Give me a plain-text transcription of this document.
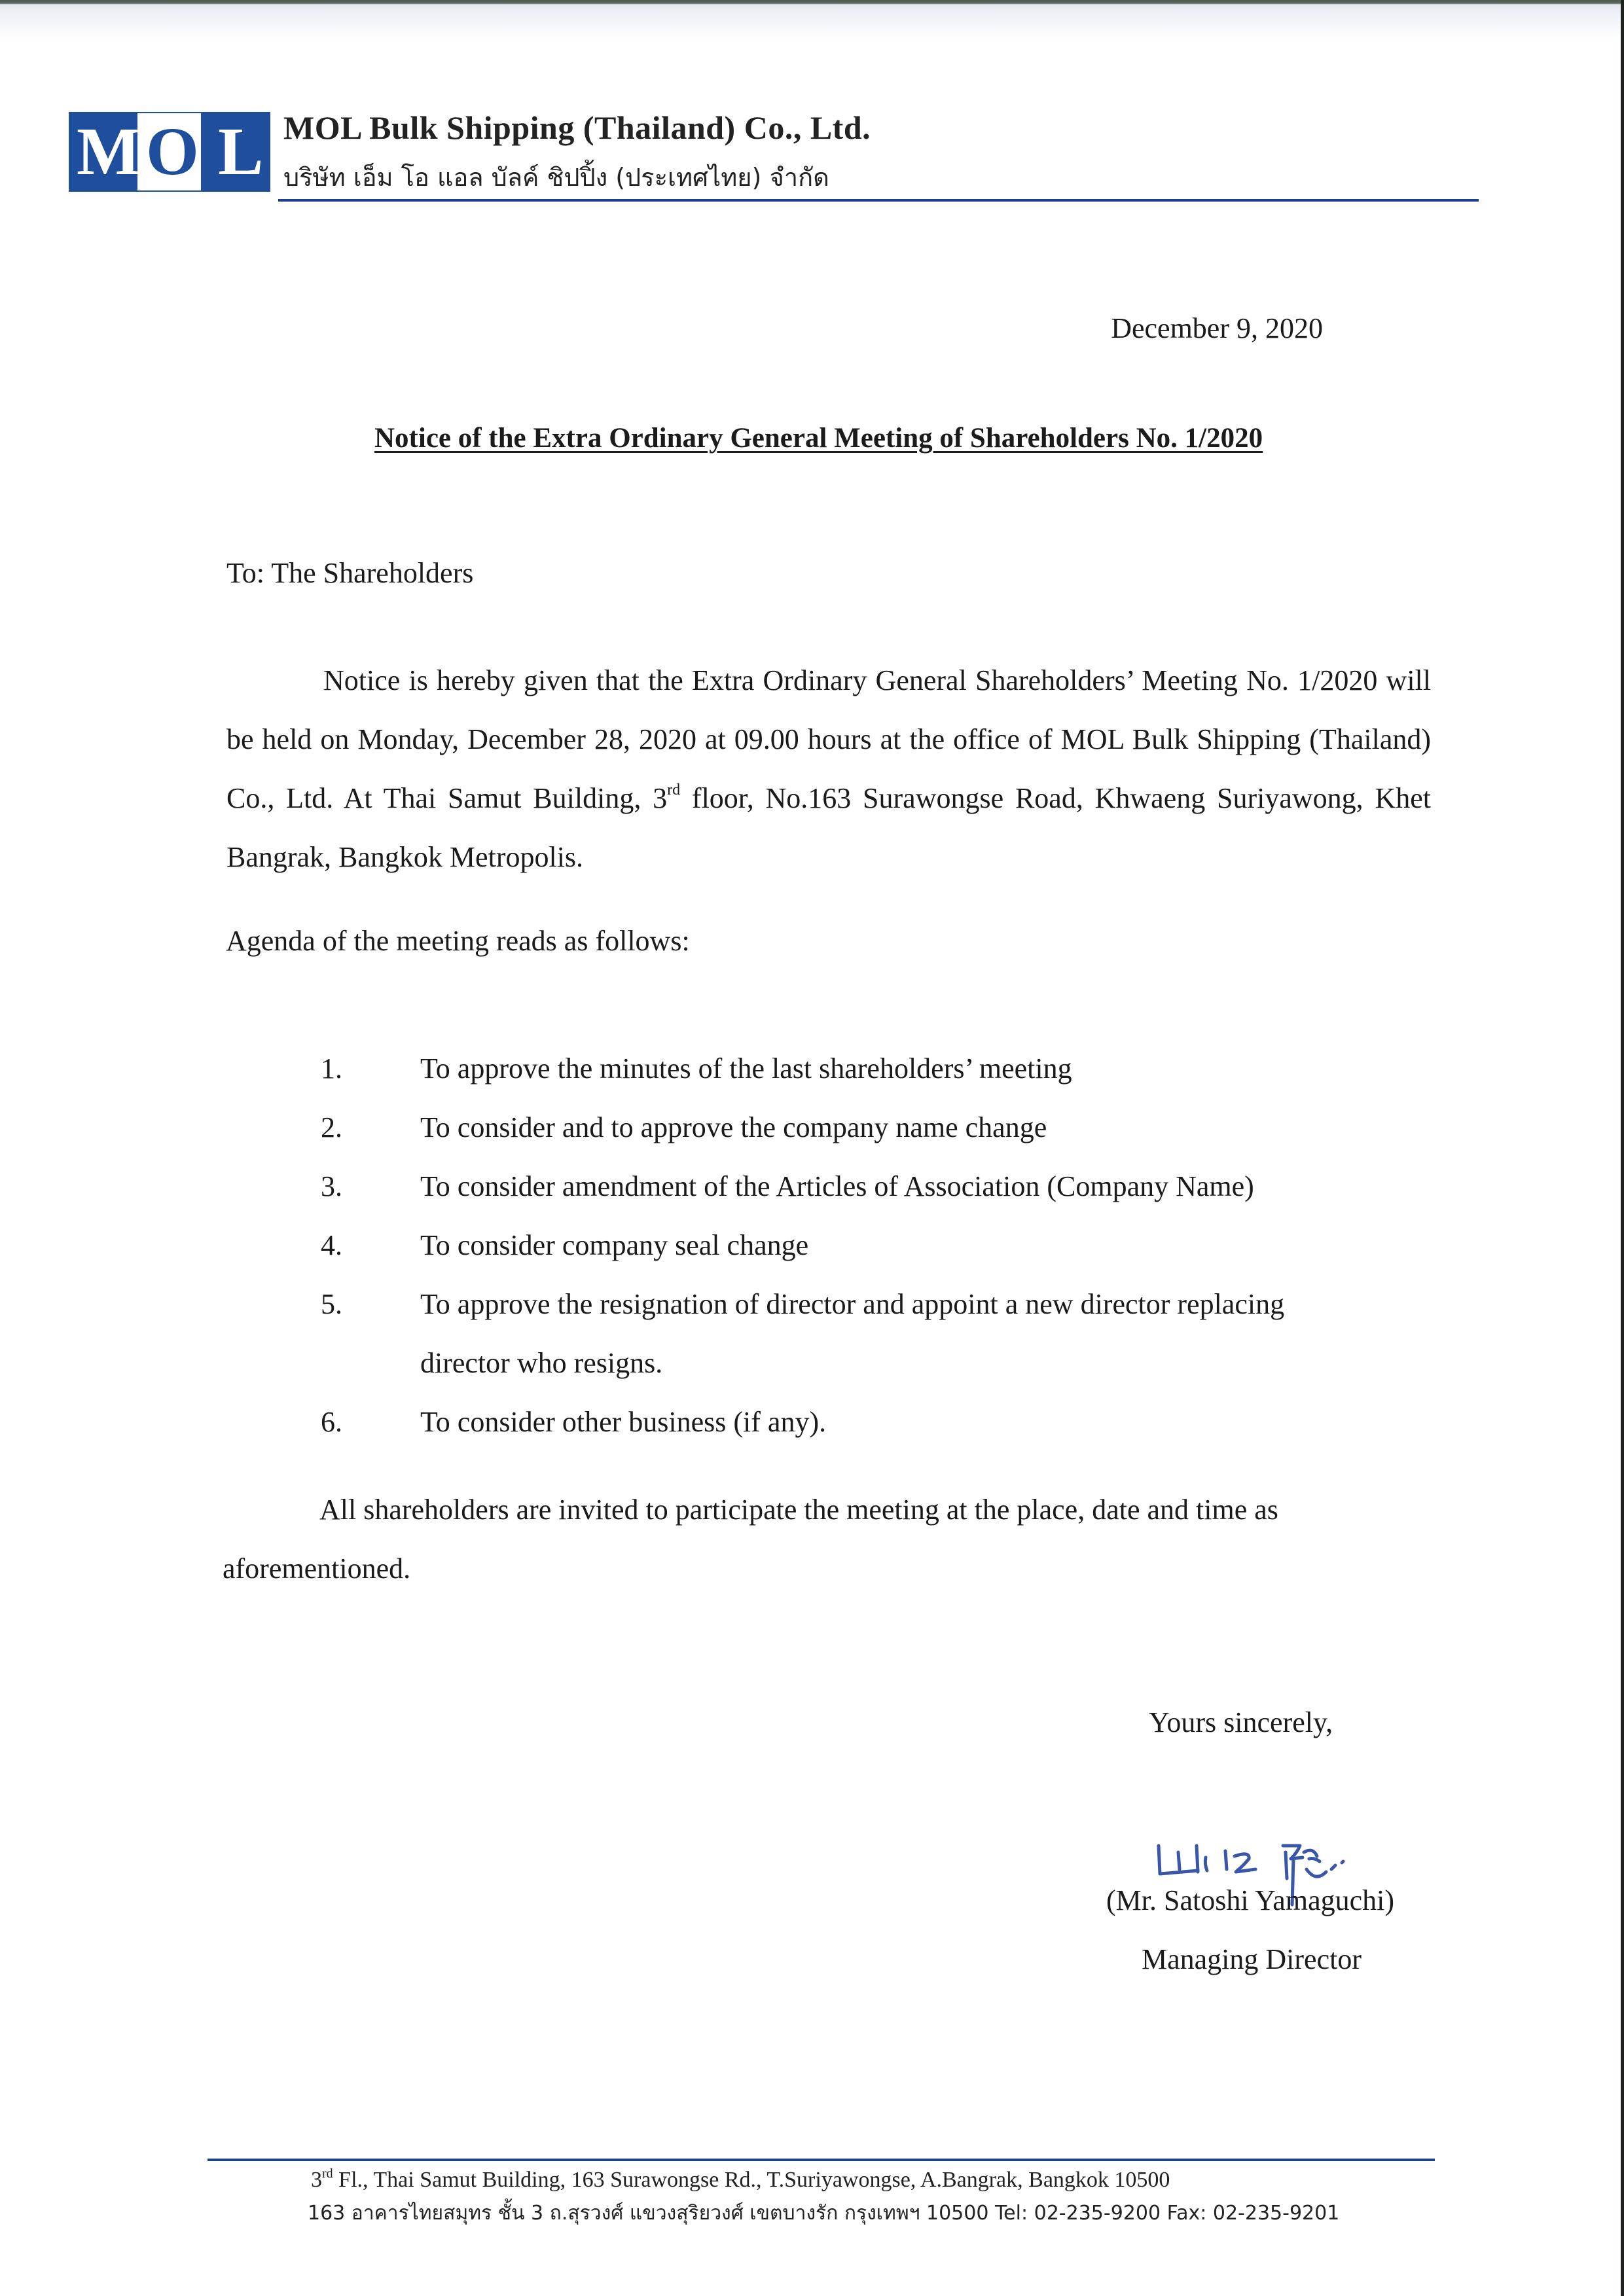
M O L MOL Bulk Shipping (Thailand) Co., Ltd.
บริษัท เอ็ม โอ แอล บัลค์ ชิปปิ้ง (ประเทศไทย) จำกัด
December 9, 2020
Notice of the Extra Ordinary General Meeting of Shareholders No. 1/2020
To: The Shareholders
Notice is hereby given that the Extra Ordinary General Shareholders’ Meeting No. 1/2020 will be held on Monday, December 28, 2020 at 09.00 hours at the office of MOL Bulk Shipping (Thailand) Co., Ltd. At Thai Samut Building, 3rd floor, No.163 Surawongse Road, Khwaeng Suriyawong, Khet Bangrak, Bangkok Metropolis.
Agenda of the meeting reads as follows:
1.	To approve the minutes of the last shareholders’ meeting
2.	To consider and to approve the company name change
3.	To consider amendment of the Articles of Association (Company Name)
4.	To consider company seal change
5.	To approve the resignation of director and appoint a new director replacing director who resigns.
6.	To consider other business (if any).
All shareholders are invited to participate the meeting at the place, date and time as aforementioned.
Yours sincerely,
(Mr. Satoshi Yamaguchi)
Managing Director
3rd Fl., Thai Samut Building, 163 Surawongse Rd., T.Suriyawongse, A.Bangrak, Bangkok 10500
163 อาคารไทยสมุทร ชั้น 3 ถ.สุรวงศ์ แขวงสุริยวงศ์ เขตบางรัก กรุงเทพฯ 10500 Tel: 02-235-9200 Fax: 02-235-9201
